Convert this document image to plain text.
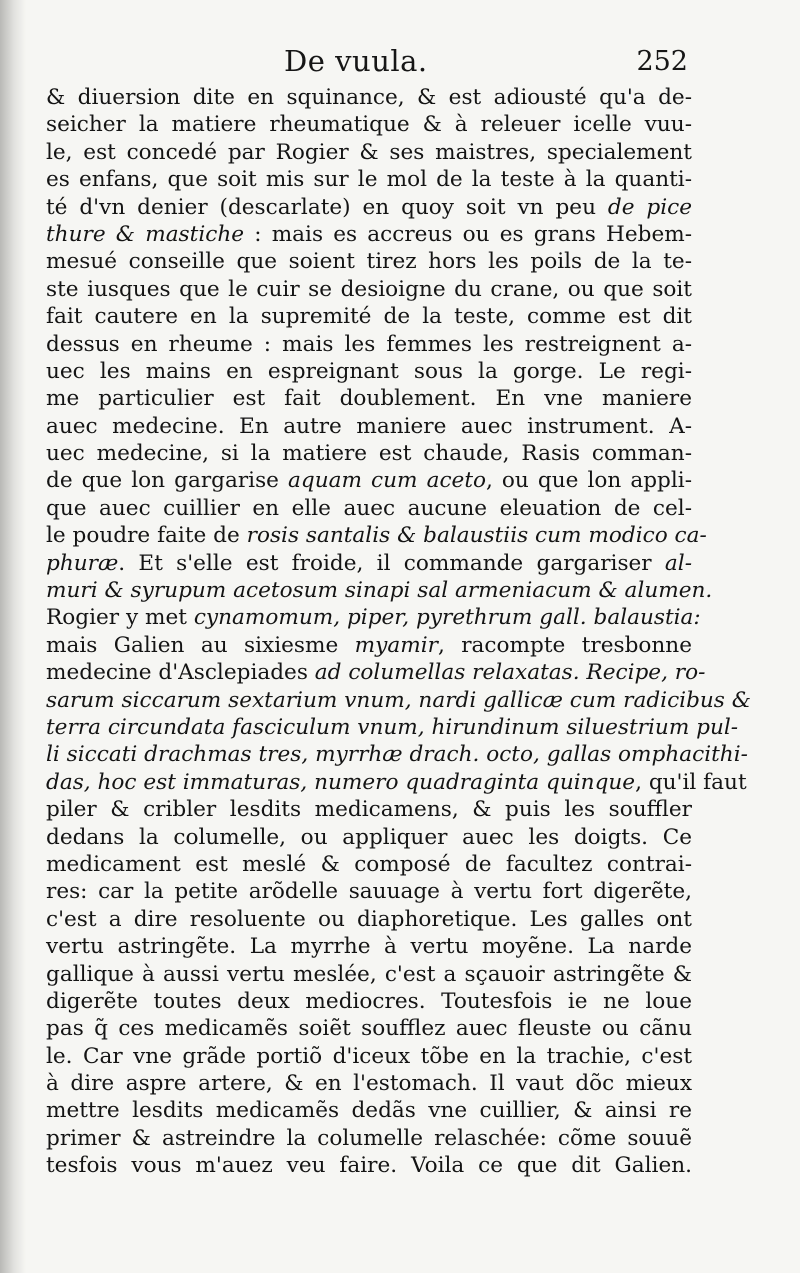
De vuula.	252
& diuersion dite en squinance, & est adiousté qu'a de-
seicher la matiere rheumatique & à releuer icelle vuu-
le, est concedé par Rogier & ses maistres, specialement
es enfans, que soit mis sur le mol de la teste à la quanti-
té d'vn denier (descarlate) en quoy soit vn peu de pice
thure & mastiche : mais es accreus ou es grans Hebem-
mesué conseille que soient tirez hors les poils de la te-
ste iusques que le cuir se desioigne du crane, ou que soit
fait cautere en la supremité de la teste, comme est dit
dessus en rheume : mais les femmes les restreignent a-
uec les mains en espreignant sous la gorge. Le regi-
me particulier est fait doublement. En vne maniere
auec medecine. En autre maniere auec instrument. A-
uec medecine, si la matiere est chaude, Rasis comman-
de que lon gargarise aquam cum aceto, ou que lon appli-
que auec cuillier en elle auec aucune eleuation de cel-
le poudre faite de rosis santalis & balaustiis cum modico ca-
phuræ. Et s'elle est froide, il commande gargariser al-
muri & syrupum acetosum sinapi sal armeniacum & alumen.
Rogier y met cynamomum, piper, pyrethrum gall. balaustia:
mais Galien au sixiesme myamir, racompte tresbonne
medecine d'Asclepiades ad columellas relaxatas. Recipe, ro-
sarum siccarum sextarium vnum, nardi gallicæ cum radicibus &
terra circundata fasciculum vnum, hirundinum siluestrium pul-
li siccati drachmas tres, myrrhæ drach. octo, gallas omphacithi-
das, hoc est immaturas, numero quadraginta quinque, qu'il faut
piler & cribler lesdits medicamens, & puis les souffler
dedans la columelle, ou appliquer auec les doigts. Ce
medicament est meslé & composé de facultez contrai-
res: car la petite arõdelle sauuage à vertu fort digerẽte,
c'est a dire resoluente ou diaphoretique. Les galles ont
vertu astringẽte. La myrrhe à vertu moyẽne. La narde
gallique à aussi vertu meslée, c'est a sçauoir astringẽte &
digerẽte toutes deux mediocres. Toutesfois ie ne loue
pas q̃ ces medicamẽs soiẽt soufflez auec fleuste ou cãnu
le. Car vne grãde portiõ d'iceux tõbe en la trachie, c'est
à dire aspre artere, & en l'estomach. Il vaut dõc mieux
mettre lesdits medicamẽs dedãs vne cuillier, & ainsi re
primer & astreindre la columelle relaschée: cõme souuẽ
tesfois vous m'auez veu faire. Voila ce que dit Galien.
